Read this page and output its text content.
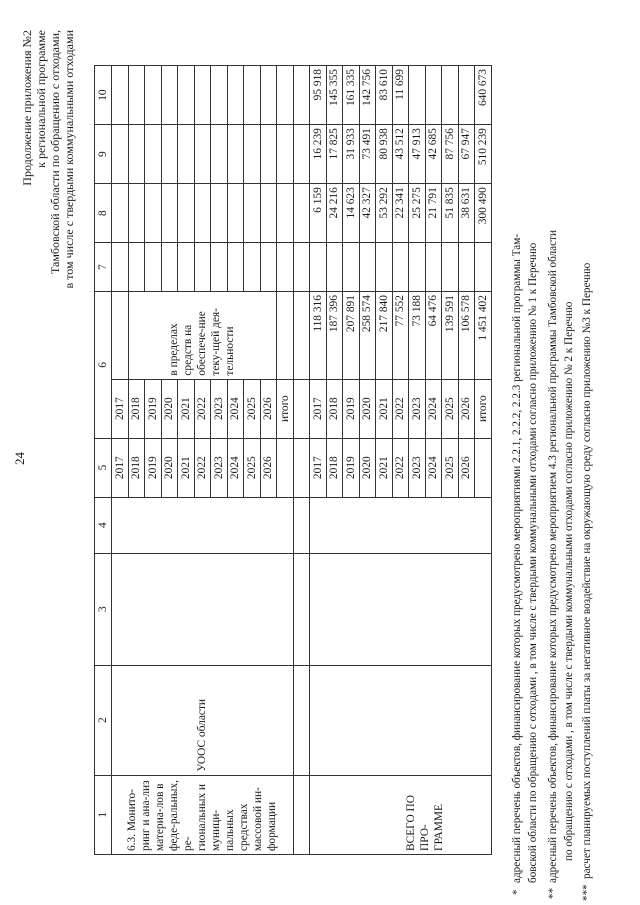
24
Продолжение приложения №2 к региональной программе Тамбовской области по обращению с отходами, в том числе с твердыми коммунальными отходами
1	2	3	4	5	6		7	8	9	10
6.3. Монито-ринг и ана-лиз материа-лов в феде-ральных, ре-гиональных и муници-пальных средствах массовой ин-формации	УООС области			2017	2017					
				2018	2018	в пределах средств на обеспече-ние теку-щей дея-тельности				
				2019	2019					
				2020	2020					
				2021	2021					
				2022	2022					
				2023	2023					
				2024	2024					
				2025	2025					
				2026	2026					
					итого					

ВСЕГО ПО ПРО-ГРАММЕ				2017	2017	118 316		6 159	16 239	95 918
				2018	2018	187 396		24 216	17 825	145 355
				2019	2019	207 891		14 623	31 933	161 335
				2020	2020	258 574		42 327	73 491	142 756
				2021	2021	217 840		53 292	80 938	83 610
				2022	2022	77 552		22 341	43 512	11 699
				2023	2023	73 188		25 275	47 913	
				2024	2024	64 476		21 791	42 685	
				2025	2025	139 591		51 835	87 756	
				2026	2026	106 578		38 631	67 947	
					итого	1 451 402		300 490	510 239	640 673
*
адресный перечень объектов, финансирование которых предусмотрено мероприятиями 2.2.1, 2.2.2, 2.2.3 региональной программы Там- бовской области по обращению с отходами , в том числе с твердыми коммунальными отходами согласно приложению № 1 к Перечню
**
адресный перечень объектов, финансирование которых предусмотрено мероприятием 4.3 региональной программы Тамбовской области по обращению с отходами , в том числе с твердыми коммунальными отходами согласно приложению № 2 к Перечню
***
расчет планируемых поступлений платы за негативное воздействие на окружающую среду согласно приложению №3 к Перечню
